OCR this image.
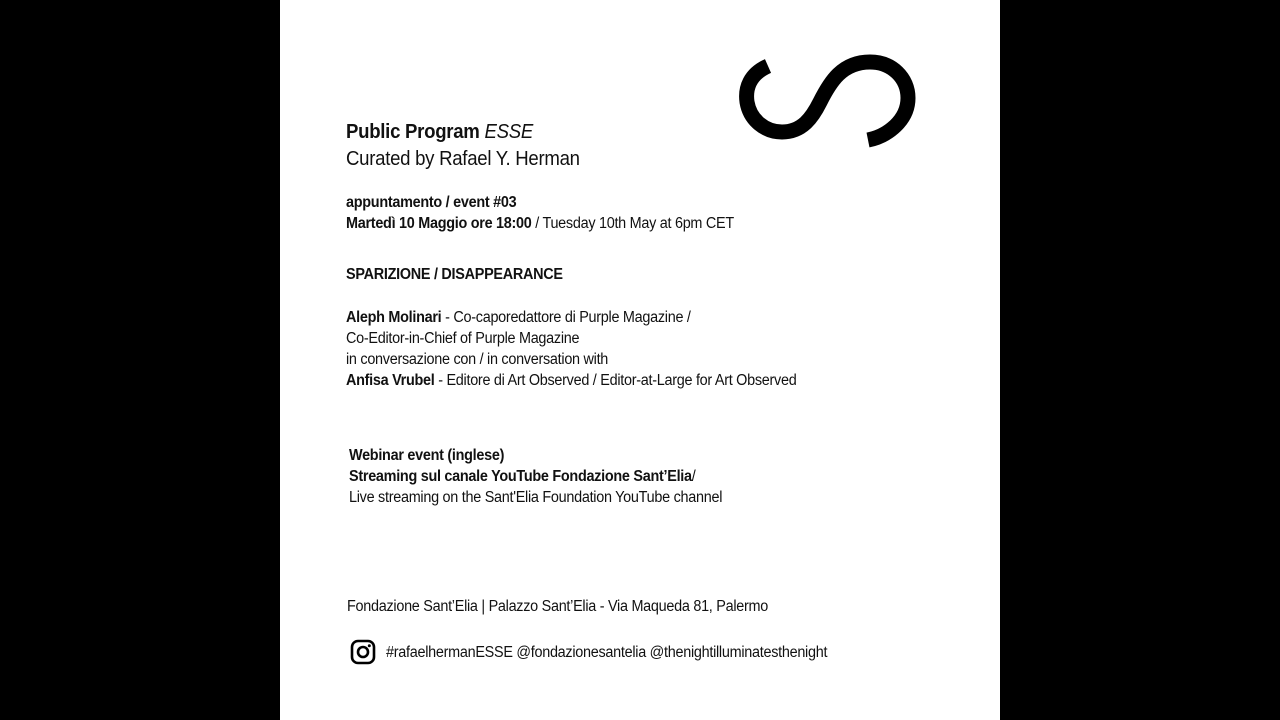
Public Program ESSE
Curated by Rafael Y. Herman
appuntamento / event #03
Martedì 10 Maggio ore 18:00 / Tuesday 10th May at 6pm CET
SPARIZIONE / DISAPPEARANCE
Aleph Molinari - Co-caporedattore di Purple Magazine /
Co-Editor-in-Chief of Purple Magazine
in conversazione con / in conversation with
Anfisa Vrubel - Editore di Art Observed / Editor-at-Large for Art Observed
Webinar event (inglese)
Streaming sul canale YouTube Fondazione Sant’Elia/
Live streaming on the Sant'Elia Foundation YouTube channel
Fondazione Sant’Elia | Palazzo Sant’Elia - Via Maqueda 81, Palermo
#rafaelhermanESSE @fondazionesantelia @thenightilluminatesthenight
